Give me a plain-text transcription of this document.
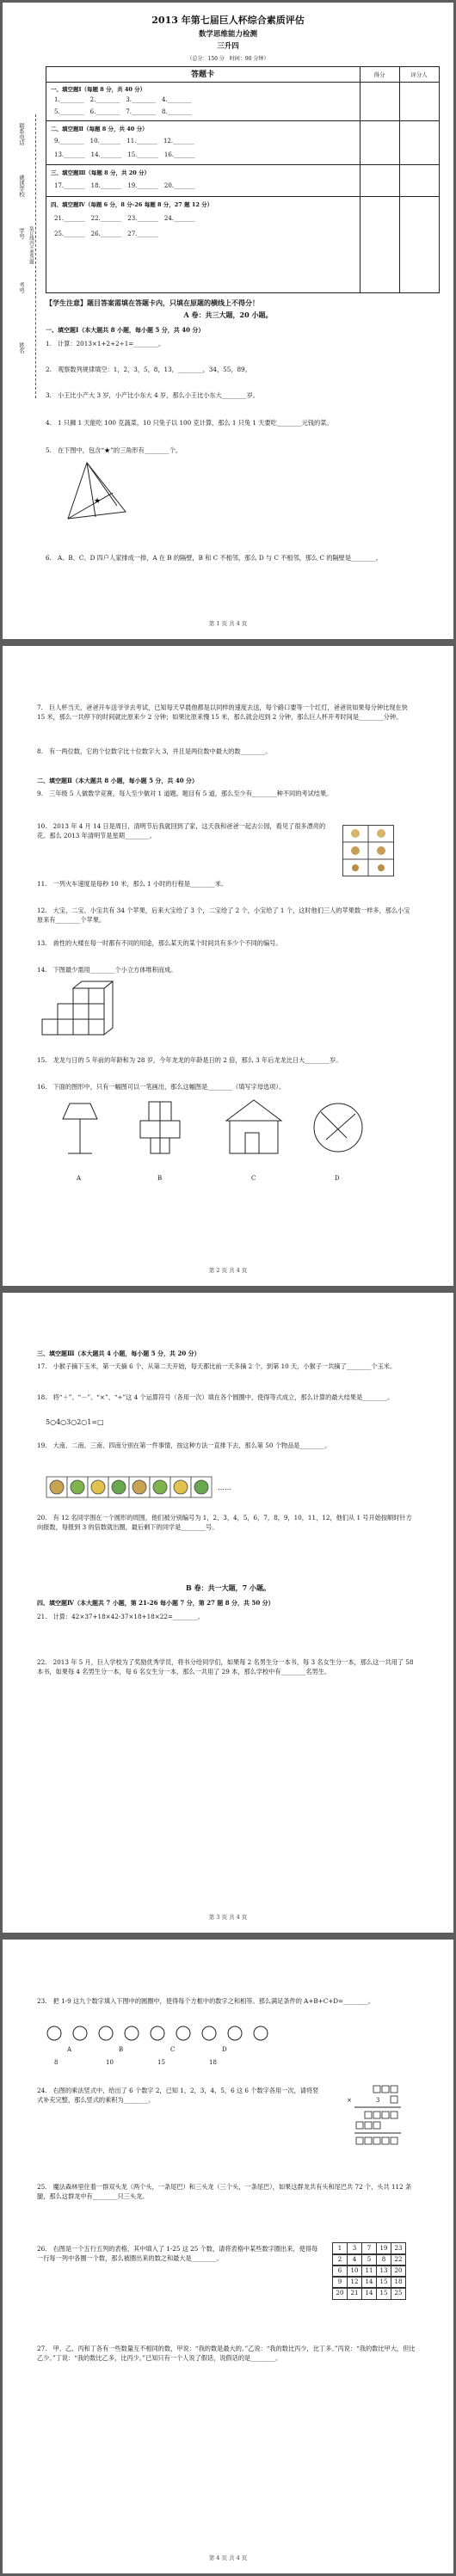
2013 年第七届巨人杯综合素质评估
数学思维能力检测
三升四
（总分：150 分　时间：90 分钟）
联系电话
就读学校
学号
考号
姓名
装订线内不要答题
答题卡	得分	评分人
一、填空题Ⅰ（每题 8 分，共 40 分）
1.________　2.________　3.________　4.________
5.________　6.________　7.________　8.________
二、填空题Ⅱ（每题 8 分，共 40 分）
9.________　10._______　11._______　12._______
13._______　14._______　15._______　16._______
三、填空题Ⅲ（每题 8 分，共 20 分）
17._______　18._______　19._______　20._______
四、填空题Ⅳ（每题 6 分，8 分-26 每题 8 分，27 题 12 分）
21._______　22._______　23._______　24._______
25._______　26._______　27._______
【学生注意】题目答案需填在答题卡内，只填在原题的横线上不得分！
A 卷：共三大题，20 小题。
一、填空题Ⅰ（本大题共 8 小题，每小题 5 分，共 40 分）
1.　计算：2013×1+2+2÷1=________。
2.　观察数列规律填空：1，2，3，5，8，13，________，34，55，89。
3.　小王比小产大 3 岁，小产比小东大 4 岁，那么小王比小东大________岁。
4.　1 只狮 1 天能吃 100 克蔬菜，10 只兔子以 100 克计算，那么 1 只兔 1 天要吃________元钱的菜。
5.　在下图中，包含“★”的三角形有________个。
★
6.　A、B、C、D 四户人家排成一排，A 在 B 的隔壁，B 和 C 不相邻，那么 D 与 C 不相邻，那么 C 的隔壁是________。
第 1 页 共 4 页
7.　巨人杯当天，爸爸开车送爷爷去考试，已知每天早晨他都是以同样的速度去送，每个路口要等一个红灯，爸爸说如果每分钟比现在快 15 米，那么一共停下的时间就比原来少 2 分钟；如果比原来慢 15 米，那么就会迟到 2 分钟，那么巨人杯开考时间是________分钟。
8.　有一两位数，它的个位数字比十位数字大 3，并且是两位数中最大的数________。
二、填空题Ⅱ（本大题共 8 小题，每小题 5 分，共 40 分）
9.　三年级 5 人做数学竞赛，每人至少做对 1 道题。题目有 5 道，那么至少有________种不同的考试结果。
10.　2013 年 4 月 14 日是周日，清明节后我就回到了家，这天我和爸爸一起去公园，看见了很多漂亮的花。那么 2013 年清明节是星期________。
11.　一列火车速度是每秒 10 米，那么 1 小时的行程是________米。
12.　大宝、二宝、小宝共有 34 个苹果，后来大宝给了 3 个，二宝给了 2 个，小宝给了 1 个，这时他们三人的苹果数一样多，那么小宝原来有________个苹果。
13.　兽性的大楼在每一时都有不同的用途，那么某天的某个时间共有多少个不同的编号。
14.　下图最少需用________个小立方体堆积而成。
15.　龙龙与日的 5 年前的年龄和为 28 岁，今年龙龙的年龄是日的 2 倍，那么 3 年后龙龙比日大________岁。
16.　下面的图形中，只有一幅图可以一笔画出，那么这幅图是________（填写字母选项）。
A	B	C	D
第 2 页 共 4 页
三、填空题Ⅲ（本大题共 4 小题，每小题 5 分，共 20 分）
17.　小猴子摘下玉米，第一天摘 6 个，从第二天开始，每天都比前一天多摘 2 个，到第 10 天，小猴子一共摘了________个玉米。
18.　将“＋”、“－”、“×”、“÷”这 4 个运算符号（各用一次）填在各个圆圈中，使得等式成立，那么计算的最大结果是________。
5○4○3○2○1=□
19.　大南、二南、三南、四南分别在第一件事情，按这种方法一直排下去，那么第 50 个物品是________。
……
20.　有 12 名同学围在一个圆形的周围，他们被分别编号为 1，2，3，4，5，6，7，8，9，10，11，12，他们从 1 号开始按顺时针方向报数，每报到 3 的倍数就出圈，最后剩下的同学是________号。
B 卷：共一大题，7 小题。
四、填空题Ⅳ（本大题共 7 小题，第 21-26 每小题 7 分，第 27 题 8 分，共 50 分）
21.　计算：42×37+18×42-37×18+18×22=________。
22.　2013 年 5 月，巨人学校为了奖励优秀学员，将书分给同学们，如果每 2 名男生分一本书，每 3 名女生分一本，那么这一共用了 58 本书，如果每 4 名男生分一本，每 6 名女生分一本，那么一共用了 29 本，那么学校中有________名男生。
第 3 页 共 4 页
23.　把 1-9 这九个数字填入下图中的圆圈中，使得每个方框中的数字之和相等。那么满足条件的 A+B+C+D=________。
A	B	C	D
8	10	15	18
24.　右图的乘法竖式中，给出了 6 个数字 2，已知 1，2，3，4，5，6 这 6 个数字各用一次，请将竖式补充完整，那么竖式的乘积为________。	×　　　　3
25.　魔法森林里住着一群双头龙（两个头，一条尾巴）和三头龙（三个头，一条尾巴），如果这群龙共有头和尾巴共 72 个，头共 112 条腿，那么这群龙中有________只三头龙。
26.　右图是一个五行五列的表格，其中填入了 1-25 这 25 个数，请将表格中某些数字圈出来，使得每一行每一列中各圈一个数，那么被圈出来的数之和最大是________。
1	3	7	19	23
2	4	5	8	22
6	10	11	13	20
9	12	14	15	18
20	21	14	15	25
27.　甲、乙、丙和丁各有一些数量互不相同的数，甲说：“我的数是最大的。”乙说：“我的数比丙少，比丁多。”丙说：“我的数比甲大，但比乙少。”丁说：“我的数比乙多，比丙少。”已知只有一个人说了假话，说假话的是________。
第 4 页 共 4 页
